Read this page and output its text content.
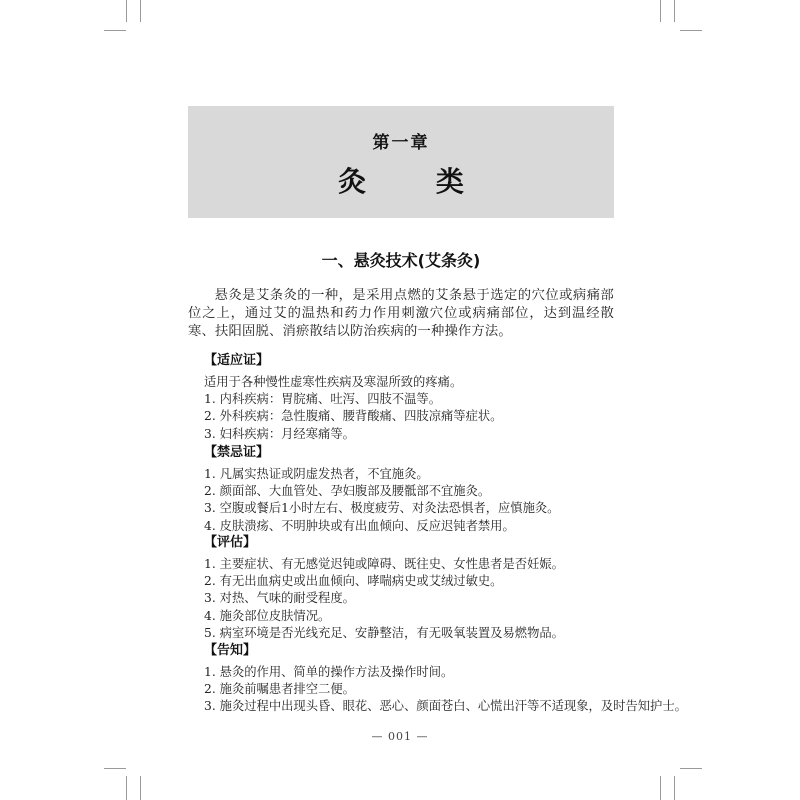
第一章
灸 类
一、悬灸技术(艾条灸)
悬灸是艾条灸的一种，是采用点燃的艾条悬于选定的穴位或病痛部位之上，通过艾的温热和药力作用刺激穴位或病痛部位，达到温经散寒、扶阳固脱、消瘀散结以防治疾病的一种操作方法。
【适应证】
适用于各种慢性虚寒性疾病及寒湿所致的疼痛。
1. 内科疾病：胃脘痛、吐泻、四肢不温等。
2. 外科疾病：急性腹痛、腰背酸痛、四肢凉痛等症状。
3. 妇科疾病：月经寒痛等。
【禁忌证】
1. 凡属实热证或阴虚发热者，不宜施灸。
2. 颜面部、大血管处、孕妇腹部及腰骶部不宜施灸。
3. 空腹或餐后1小时左右、极度疲劳、对灸法恐惧者，应慎施灸。
4. 皮肤溃疡、不明肿块或有出血倾向、反应迟钝者禁用。
【评估】
1. 主要症状、有无感觉迟钝或障碍、既往史、女性患者是否妊娠。
2. 有无出血病史或出血倾向、哮喘病史或艾绒过敏史。
3. 对热、气味的耐受程度。
4. 施灸部位皮肤情况。
5. 病室环境是否光线充足、安静整洁，有无吸氧装置及易燃物品。
【告知】
1. 悬灸的作用、简单的操作方法及操作时间。
2. 施灸前嘱患者排空二便。
3. 施灸过程中出现头昏、眼花、恶心、颜面苍白、心慌出汗等不适现象，及时告知护士。
— 001 —
